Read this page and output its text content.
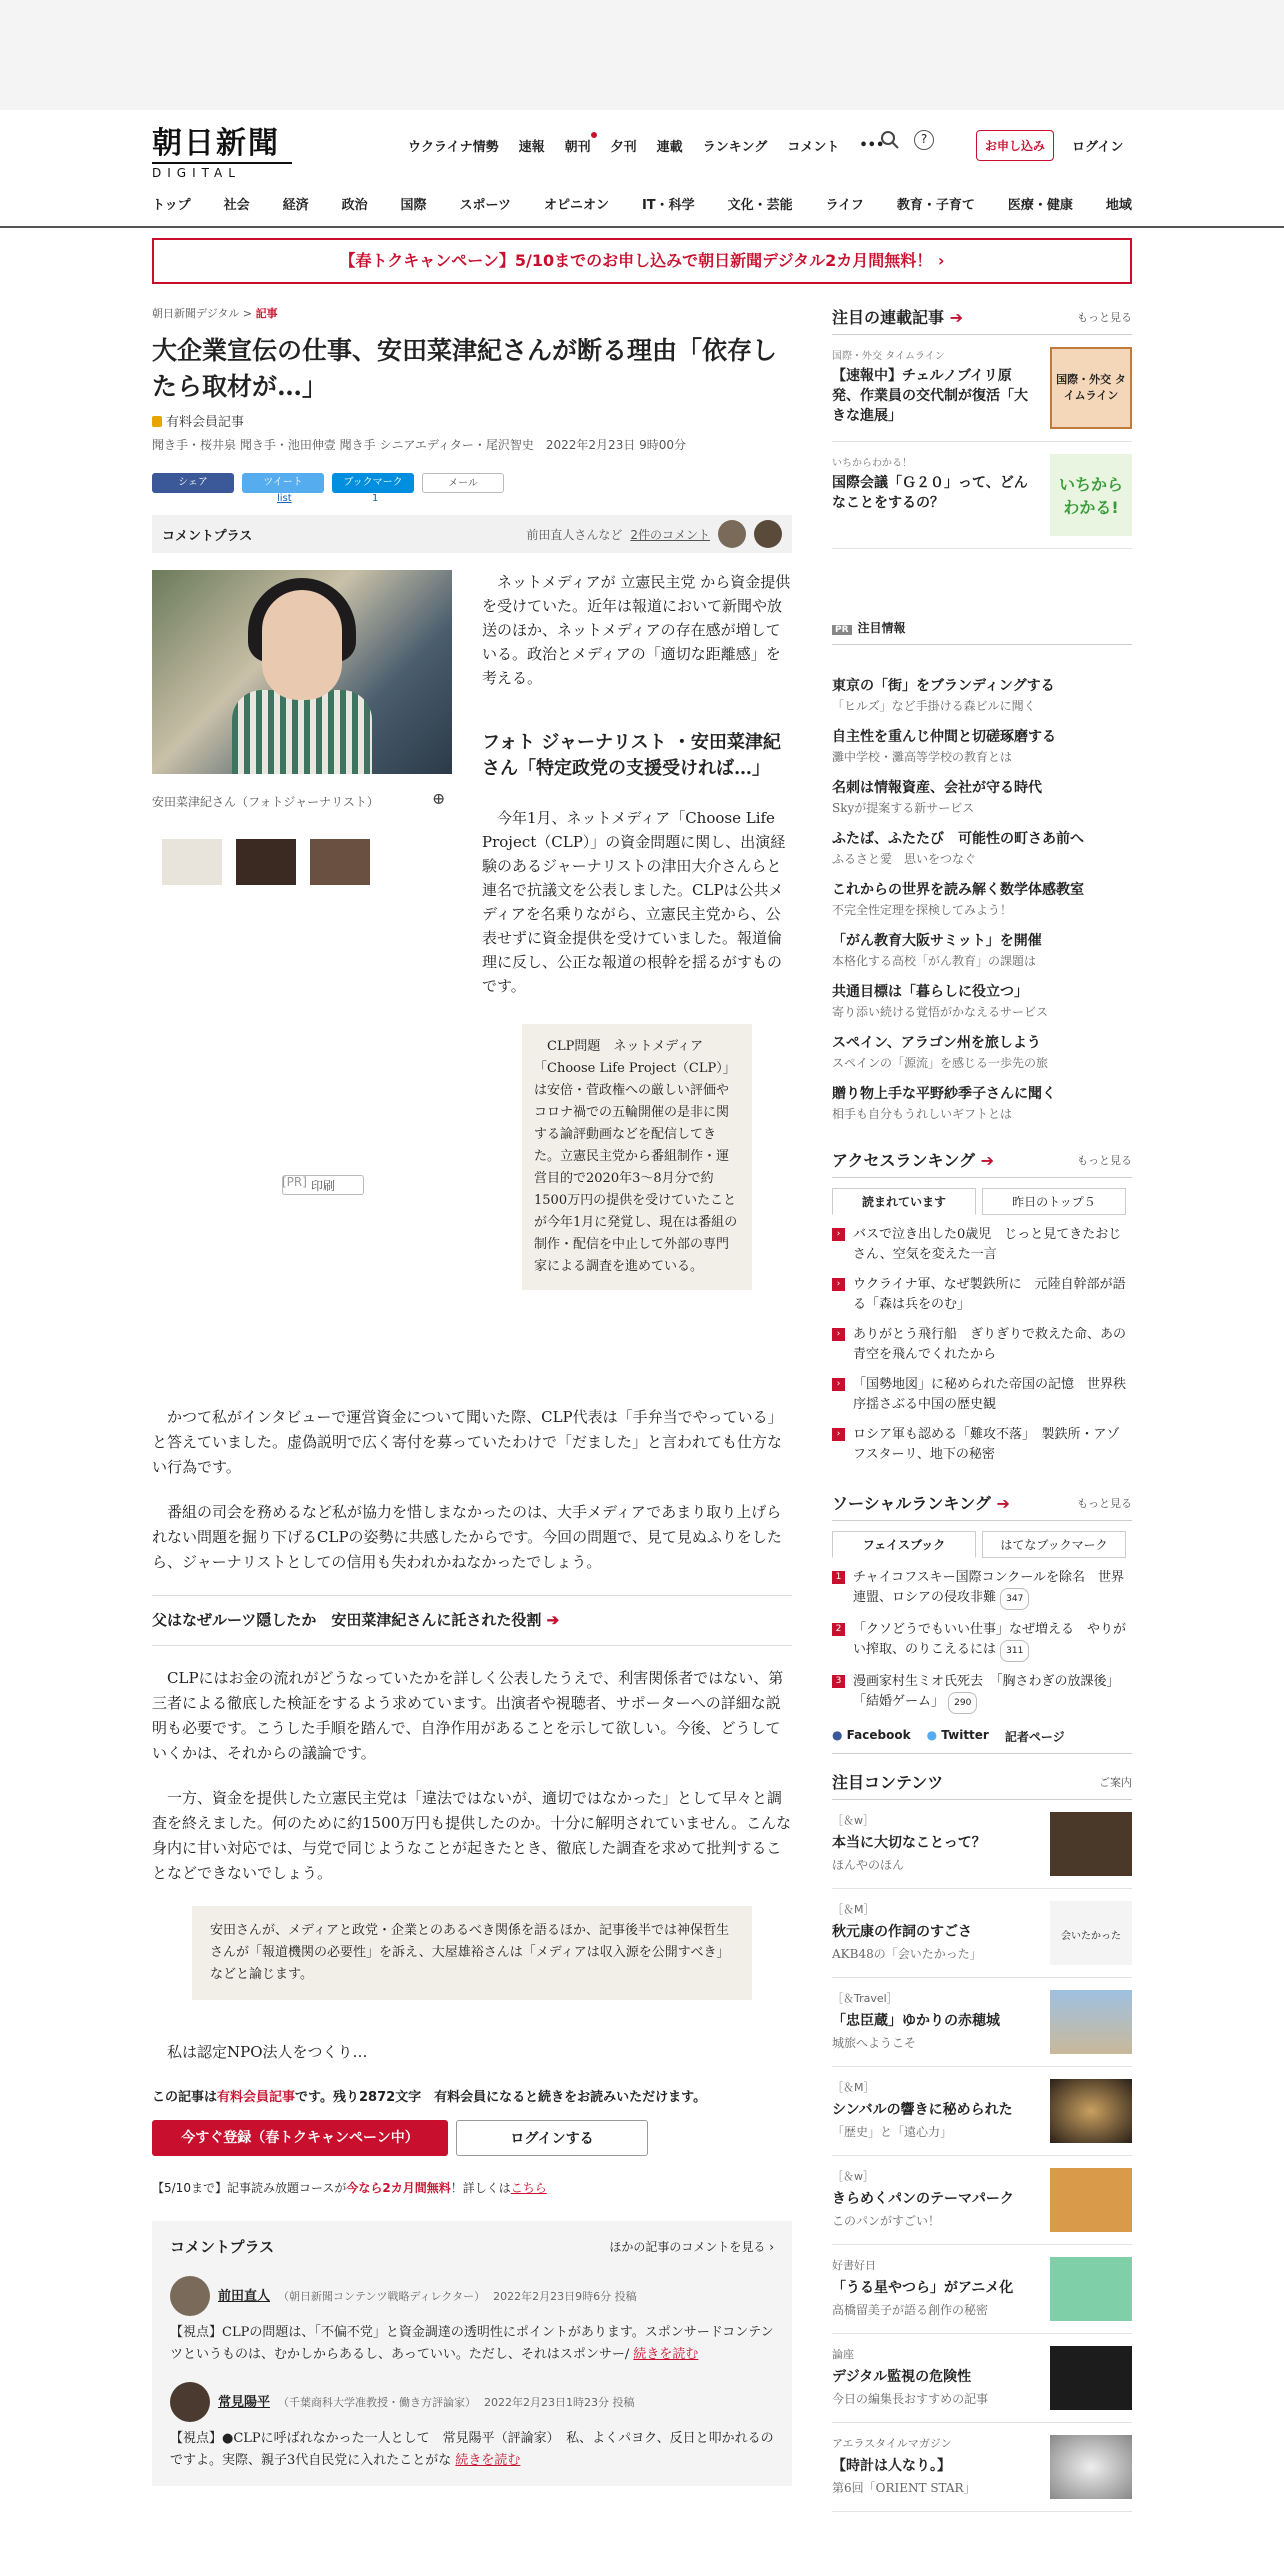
朝日新聞
DIGITAL
ウクライナ情勢 速報 朝刊 夕刊 連載 ランキング コメント •••	?	お申し込み	ログイン
トップ	社会	経済	政治	国際	スポーツ	オピニオン	IT・科学	文化・芸能	ライフ	教育・子育て	医療・健康	地域
【春トクキャンペーン】5/10までのお申し込みで朝日新聞デジタル2カ月間無料！ ›
朝日新聞デジタル > 記事
大企業宣伝の仕事、安田菜津紀さんが断る理由「依存したら取材が…」
有料会員記事
聞き手・桜井泉 聞き手・池田伸壹 聞き手 シニアエディター・尾沢智史　2022年2月23日 9時00分
シェア	ツイート	ブックマーク	メール
印刷
list	1
コメントプラス	前田直人さんなど 2件のコメント
安田菜津紀さん（フォトジャーナリスト）	⊕
[PR]

　ネットメディアが 立憲民主党 から資金提供を受けていた。近年は報道において新聞や放送のほか、ネットメディアの存在感が増している。政治とメディアの「適切な距離感」を考える。

フォト ジャーナリスト ・安田菜津紀さん「特定政党の支援受ければ…」

　今年1月、ネットメディア「Choose Life Project（CLP）」の資金問題に関し、出演経験のあるジャーナリストの津田大介さんらと連名で抗議文を公表しました。CLPは公共メディアを名乗りながら、立憲民主党から、公表せずに資金提供を受けていました。報道倫理に反し、公正な報道の根幹を揺るがすものです。

　CLP問題　ネットメディア「Choose Life Project（CLP）」は安倍・菅政権への厳しい評価やコロナ禍での五輪開催の是非に関する論評動画などを配信してきた。立憲民主党から番組制作・運営目的で2020年3～8月分で約1500万円の提供を受けていたことが今年1月に発覚し、現在は番組の制作・配信を中止して外部の専門家による調査を進めている。

かつて私がインタビューで運営資金について聞いた際、CLP代表は「手弁当でやっている」と答えていました。虚偽説明で広く寄付を募っていたわけで「だました」と言われても仕方ない行為です。

番組の司会を務めるなど私が協力を惜しまなかったのは、大手メディアであまり取り上げられない問題を掘り下げるCLPの姿勢に共感したからです。今回の問題で、見て見ぬふりをしたら、ジャーナリストとしての信用も失われかねなかったでしょう。

父はなぜルーツ隠したか　安田菜津紀さんに託された役割 ➔

CLPにはお金の流れがどうなっていたかを詳しく公表したうえで、利害関係者ではない、第三者による徹底した検証をするよう求めています。出演者や視聴者、サポーターへの詳細な説明も必要です。こうした手順を踏んで、自浄作用があることを示して欲しい。今後、どうしていくかは、それからの議論です。

一方、資金を提供した立憲民主党は「違法ではないが、適切ではなかった」として早々と調査を終えました。何のために約1500万円も提供したのか。十分に解明されていません。こんな身内に甘い対応では、与党で同じようなことが起きたとき、徹底した調査を求めて批判することなどできないでしょう。

安田さんが、メディアと政党・企業とのあるべき関係を語るほか、記事後半では神保哲生さんが「報道機関の必要性」を訴え、大屋雄裕さんは「メディアは収入源を公開すべき」などと論じます。

私は認定NPO法人をつくり…

この記事は有料会員記事です。残り2872文字　有料会員になると続きをお読みいただけます。
今すぐ登録（春トクキャンペーン中）	ログインする
【5/10まで】記事読み放題コースが今なら2カ月間無料！詳しくはこちら
コメントプラス	ほかの記事のコメントを見る ›
前田直人 （朝日新聞コンテンツ戦略ディレクター） 2022年2月23日9時6分 投稿
【視点】CLPの問題は、「不偏不党」と資金調達の透明性にポイントがあります。スポンサードコンテンツというものは、むかしからあるし、あっていい。ただし、それはスポンサー/ 続きを読む
常見陽平 （千葉商科大学准教授・働き方評論家） 2022年2月23日1時23分 投稿
【視点】●CLPに呼ばれなかった一人として　常見陽平（評論家）　私、よくパヨク、反日と叩かれるのですよ。実際、親子3代自民党に入れたことがな 続きを読む
注目の連載記事 ➔	もっと見る
国際・外交 タイムライン
【速報中】チェルノブイリ原発、作業員の交代制が復活「大きな進展」
国際・外交 タイムライン
いちからわかる！
国際会議「Ｇ２０」って、どんなことをするの？
いちから わかる!
PR 注目情報
東京の「街」をブランディングする
「ヒルズ」など手掛ける森ビルに聞く
自主性を重んじ仲間と切磋琢磨する
灘中学校・灘高等学校の教育とは
名刺は情報資産、会社が守る時代
Skyが提案する新サービス
ふたば、ふたたび　可能性の町さあ前へ
ふるさと愛　思いをつなぐ
これからの世界を読み解く数学体感教室
不完全性定理を探検してみよう！
「がん教育大阪サミット」を開催
本格化する高校「がん教育」の課題は
共通目標は「暮らしに役立つ」
寄り添い続ける覚悟がかなえるサービス
スペイン、アラゴン州を旅しよう
スペインの「源流」を感じる一歩先の旅
贈り物上手な平野紗季子さんに聞く
相手も自分もうれしいギフトとは
アクセスランキング ➔	もっと見る
読まれています	昨日のトップ５
› バスで泣き出した0歳児　じっと見てきたおじさん、空気を変えた一言
› ウクライナ軍、なぜ製鉄所に　元陸自幹部が語る「森は兵をのむ」
› ありがとう飛行船　ぎりぎりで救えた命、あの青空を飛んでくれたから
› 「国勢地図」に秘められた帝国の記憶　世界秩序揺さぶる中国の歴史観
› ロシア軍も認める「難攻不落」　製鉄所・アゾフスターリ、地下の秘密
ソーシャルランキング ➔	もっと見る
フェイスブック	はてなブックマーク
1 チャイコフスキー国際コンクールを除名　世界連盟、ロシアの侵攻非難 347
2 「クソどうでもいい仕事」なぜ増える　やりがい搾取、のりこえるには 311
3 漫画家村生ミオ氏死去　「胸さわぎの放課後」「結婚ゲーム」 290
● Facebook ● Twitter 記者ページ
注目コンテンツ	ご案内
［＆w］
本当に大切なことって？
ほんやのほん
［＆M］
秋元康の作詞のすごさ
AKB48の「会いたかった」
会いたかった
［＆Travel］
「忠臣蔵」ゆかりの赤穂城
城旅へようこそ
［＆M］
シンバルの響きに秘められた
「歴史」と「遠心力」
［＆w］
きらめくパンのテーマパーク
このパンがすごい！
好書好日
「うる星やつら」がアニメ化
高橋留美子が語る創作の秘密
論座
デジタル監視の危険性
今日の編集長おすすめの記事
アエラスタイルマガジン
【時計は人なり。】
第6回「ORIENT STAR」
